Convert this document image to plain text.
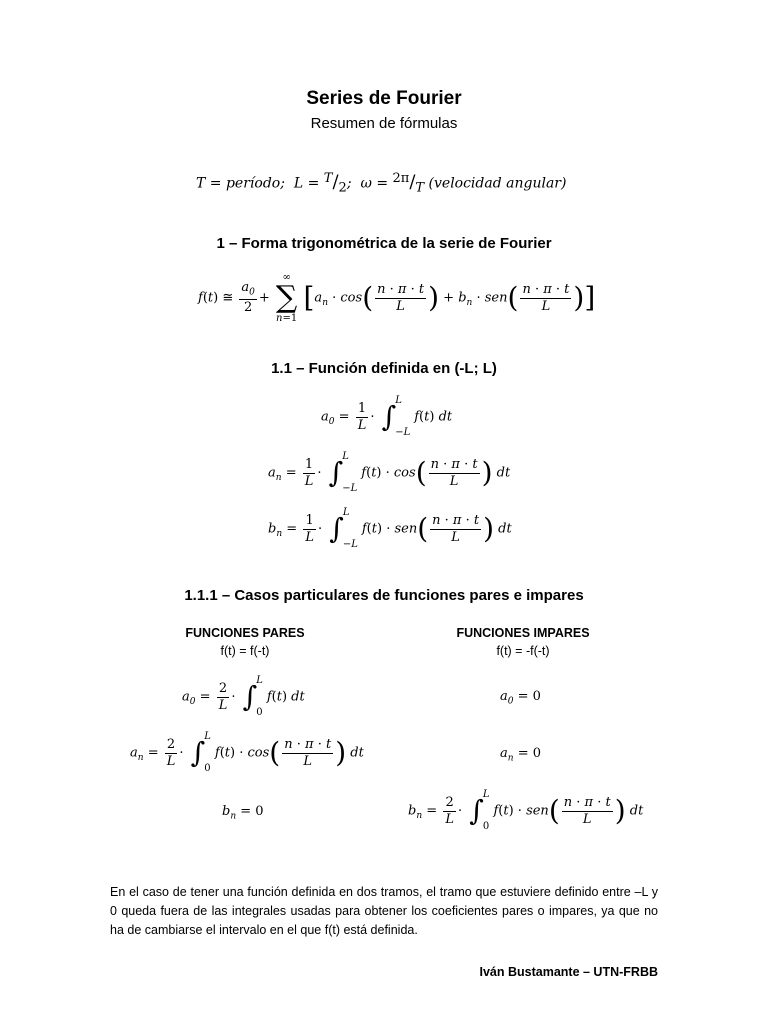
Series de Fourier
Resumen de fórmulas
T = período;  $L = ^T/_2$;  $\omega = ^{2\pi}/_T$ (velocidad angular)
1 – Forma trigonométrica de la serie de Fourier
f(t) ≅ $\frac{a_0}{2}$ +
∞
∑
n=1
[$a_n \cdot \cos( \frac{n \cdot \pi \cdot t}{L}$ ) + $b_n \cdot sen( \frac{n \cdot \pi \cdot t}{L}$ )]
1.1 – Función definida en (-L; L)
$a_0 = \frac{1}{L}$ · ∫ L
−L
f(t) dt
$a_n = \frac{1}{L}$ · ∫ L
−L
$f(t) \cdot \cos( \frac{n \cdot \pi \cdot t}{L}$ ) dt
$b_n = \frac{1}{L}$ · ∫ L
−L
$f(t) \cdot sen( \frac{n \cdot \pi \cdot t}{L}$ ) dt
1.1.1 – Casos particulares de funciones pares e impares
FUNCIONES PARES
f(t) = f(-t)
FUNCIONES IMPARES
f(t) = -f(-t)
$a_0 = \frac{2}{L}$ · ∫ L
0
f(t) dt
$a_n = \frac{2}{L}$ · ∫ L
0
$f(t) \cdot \cos( \frac{n \cdot \pi \cdot t}{L}$ ) dt
$b_n = 0$
$a_0 = 0$
$a_n = 0$
$b_n = \frac{2}{L}$ · ∫ L
0
$f(t) \cdot sen( \frac{n \cdot \pi \cdot t}{L}$ ) dt
En el caso de tener una función definida en dos tramos, el tramo que estuviere definido entre –L y 0 queda fuera de las integrales usadas para obtener los coeficientes pares o impares, ya que no ha de cambiarse el intervalo en el que f(t) está definida.
Iván Bustamante – UTN-FRBB
